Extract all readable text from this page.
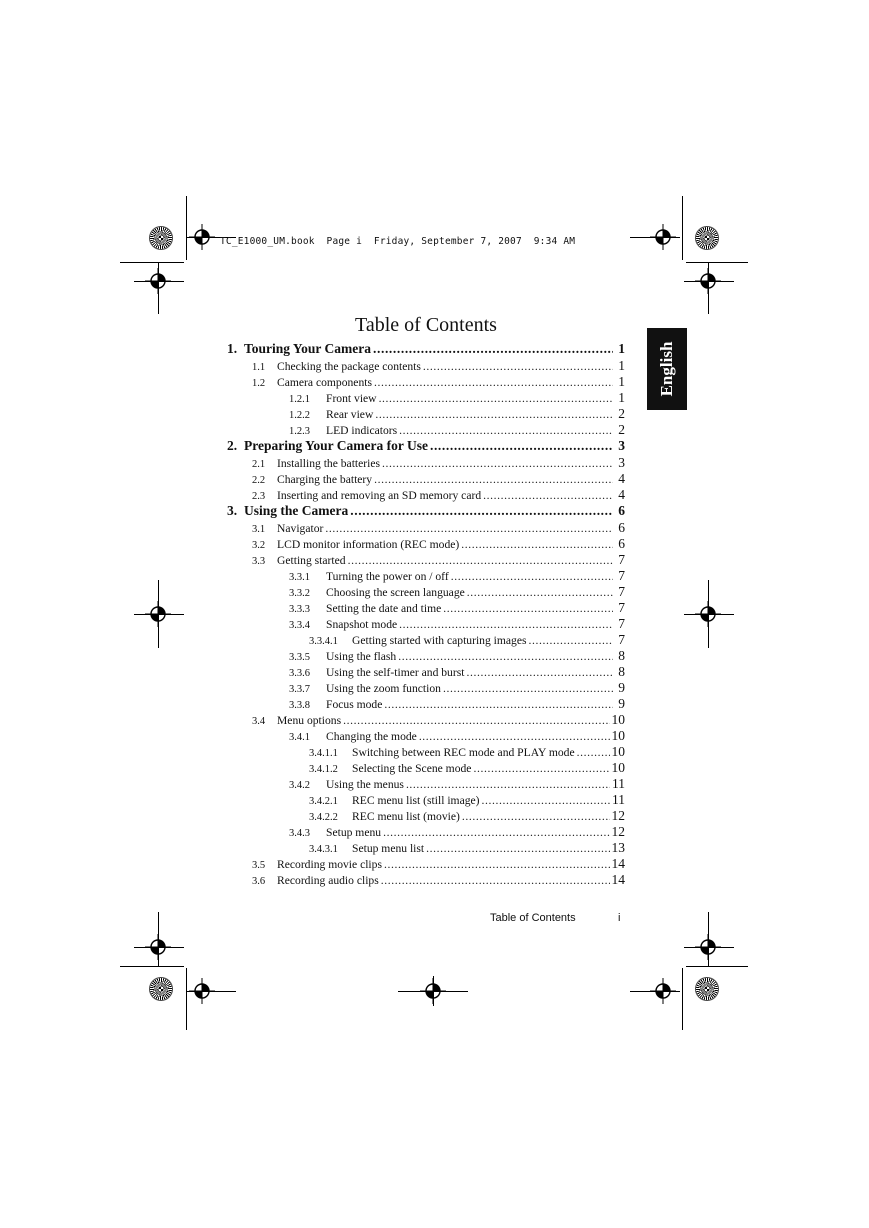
TC_E1000_UM.book  Page i  Friday, September 7, 2007  9:34 AM
English
Table of Contents
1. Touring Your Camera .....	1
1.1	Checking the package contents .....	1
1.2	Camera components .....	1
1.2.1	Front view .....	1
1.2.2	Rear view .....	2
1.2.3	LED indicators .....	2
2. Preparing Your Camera for Use .....	3
2.1	Installing the batteries .....	3
2.2	Charging the battery .....	4
2.3	Inserting and removing an SD memory card .....	4
3. Using the Camera .....	6
3.1	Navigator .....	6
3.2	LCD monitor information (REC mode) .....	6
3.3	Getting started .....	7
3.3.1	Turning the power on / off .....	7
3.3.2	Choosing the screen language .....	7
3.3.3	Setting the date and time .....	7
3.3.4	Snapshot mode .....	7
3.3.4.1	Getting started with capturing images .....	7
3.3.5	Using the flash .....	8
3.3.6	Using the self-timer and burst .....	8
3.3.7	Using the zoom function .....	9
3.3.8	Focus mode .....	9
3.4	Menu options .....	10
3.4.1	Changing the mode .....	10
3.4.1.1	Switching between REC mode and PLAY mode .....	10
3.4.1.2	Selecting the Scene mode .....	10
3.4.2	Using the menus .....	11
3.4.2.1	REC menu list (still image) .....	11
3.4.2.2	REC menu list (movie) .....	12
3.4.3	Setup menu .....	12
3.4.3.1	Setup menu list .....	13
3.5	Recording movie clips .....	14
3.6	Recording audio clips .....	14
Table of Contents	i
